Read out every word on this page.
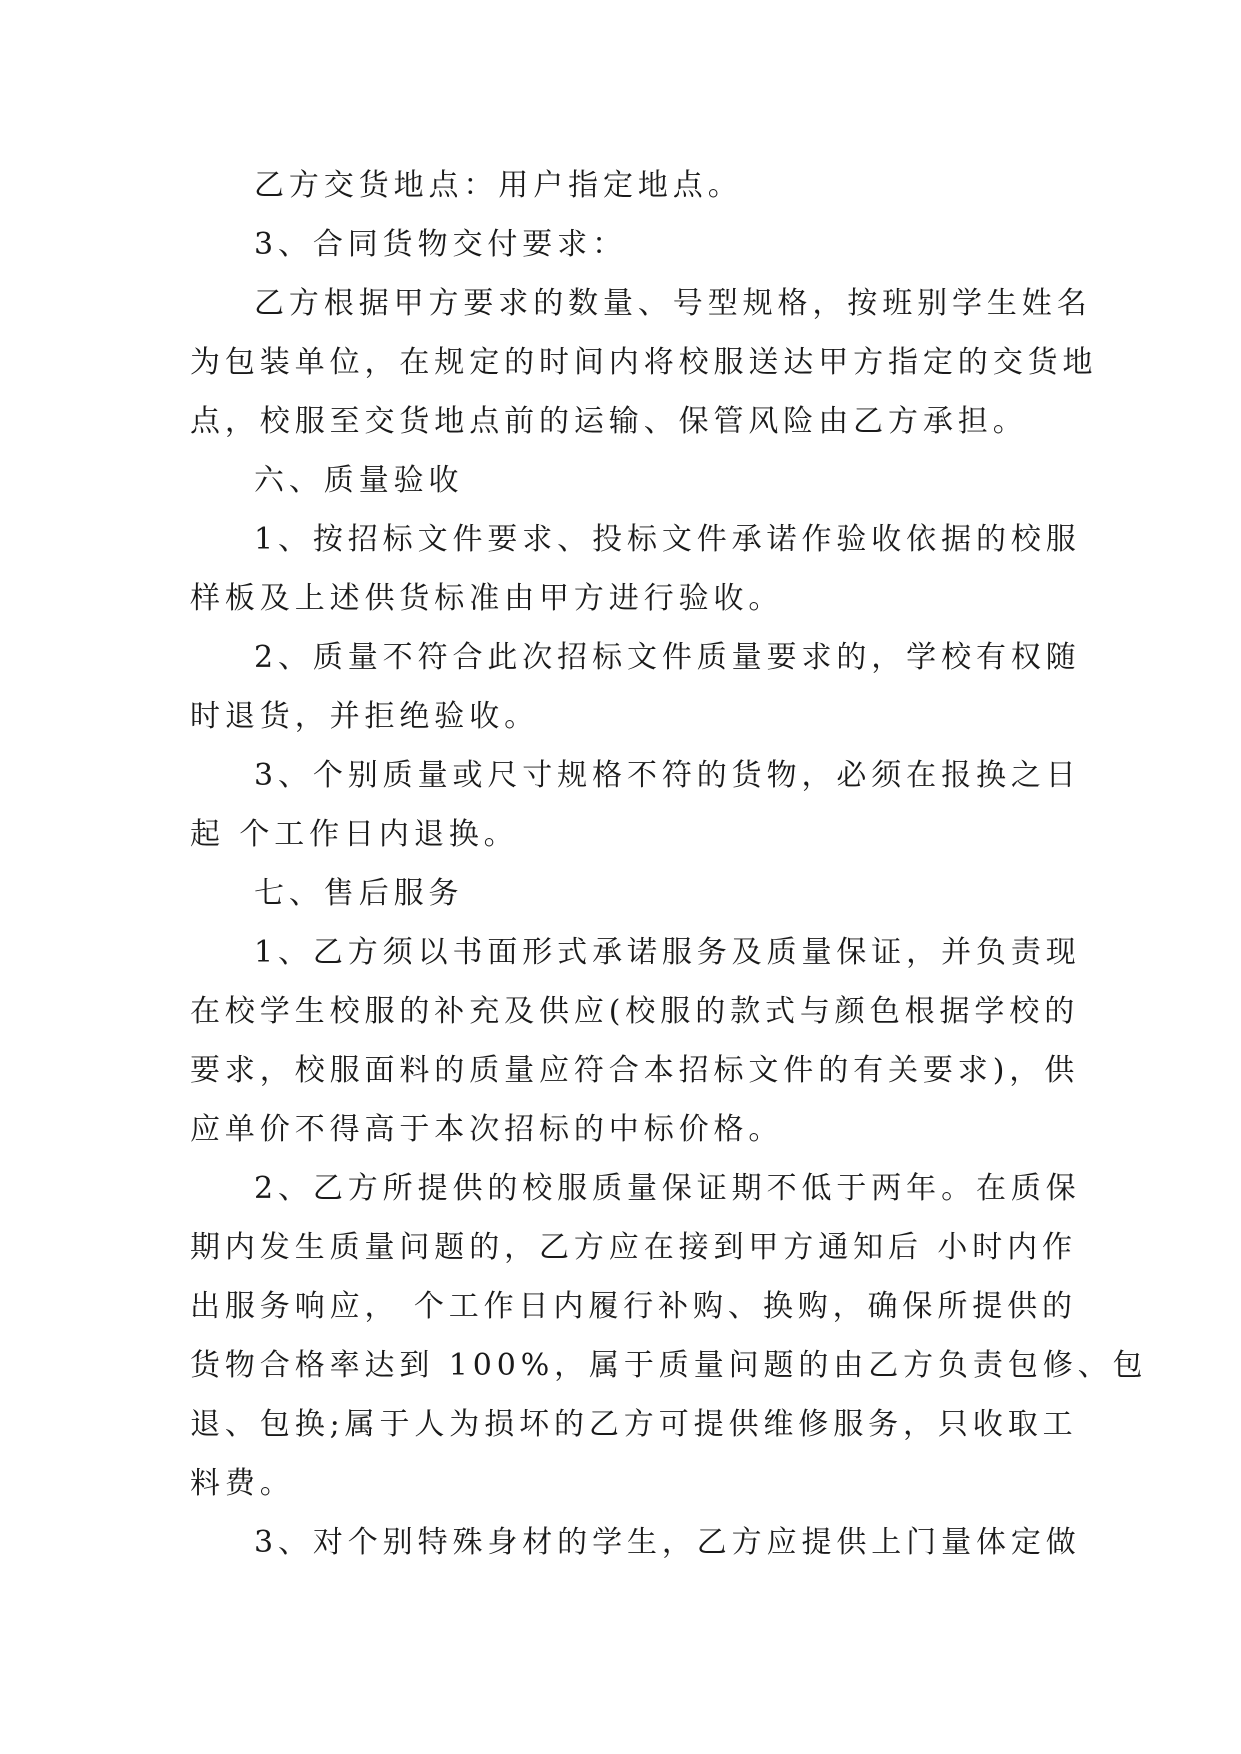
乙方交货地点：用户指定地点。
3、合同货物交付要求：
乙方根据甲方要求的数量、号型规格，按班别学生姓名
为包装单位，在规定的时间内将校服送达甲方指定的交货地
点，校服至交货地点前的运输、保管风险由乙方承担。
六、质量验收
1、按招标文件要求、投标文件承诺作验收依据的校服
样板及上述供货标准由甲方进行验收。
2、质量不符合此次招标文件质量要求的，学校有权随
时退货，并拒绝验收。
3、个别质量或尺寸规格不符的货物，必须在报换之日
起 个工作日内退换。
七、售后服务
1、乙方须以书面形式承诺服务及质量保证，并负责现
在校学生校服的补充及供应(校服的款式与颜色根据学校的
要求，校服面料的质量应符合本招标文件的有关要求)，供
应单价不得高于本次招标的中标价格。
2、乙方所提供的校服质量保证期不低于两年。在质保
期内发生质量问题的，乙方应在接到甲方通知后 小时内作
出服务响应， 个工作日内履行补购、换购，确保所提供的
货物合格率达到 100%，属于质量问题的由乙方负责包修、包
退、包换;属于人为损坏的乙方可提供维修服务，只收取工
料费。
3、对个别特殊身材的学生，乙方应提供上门量体定做
